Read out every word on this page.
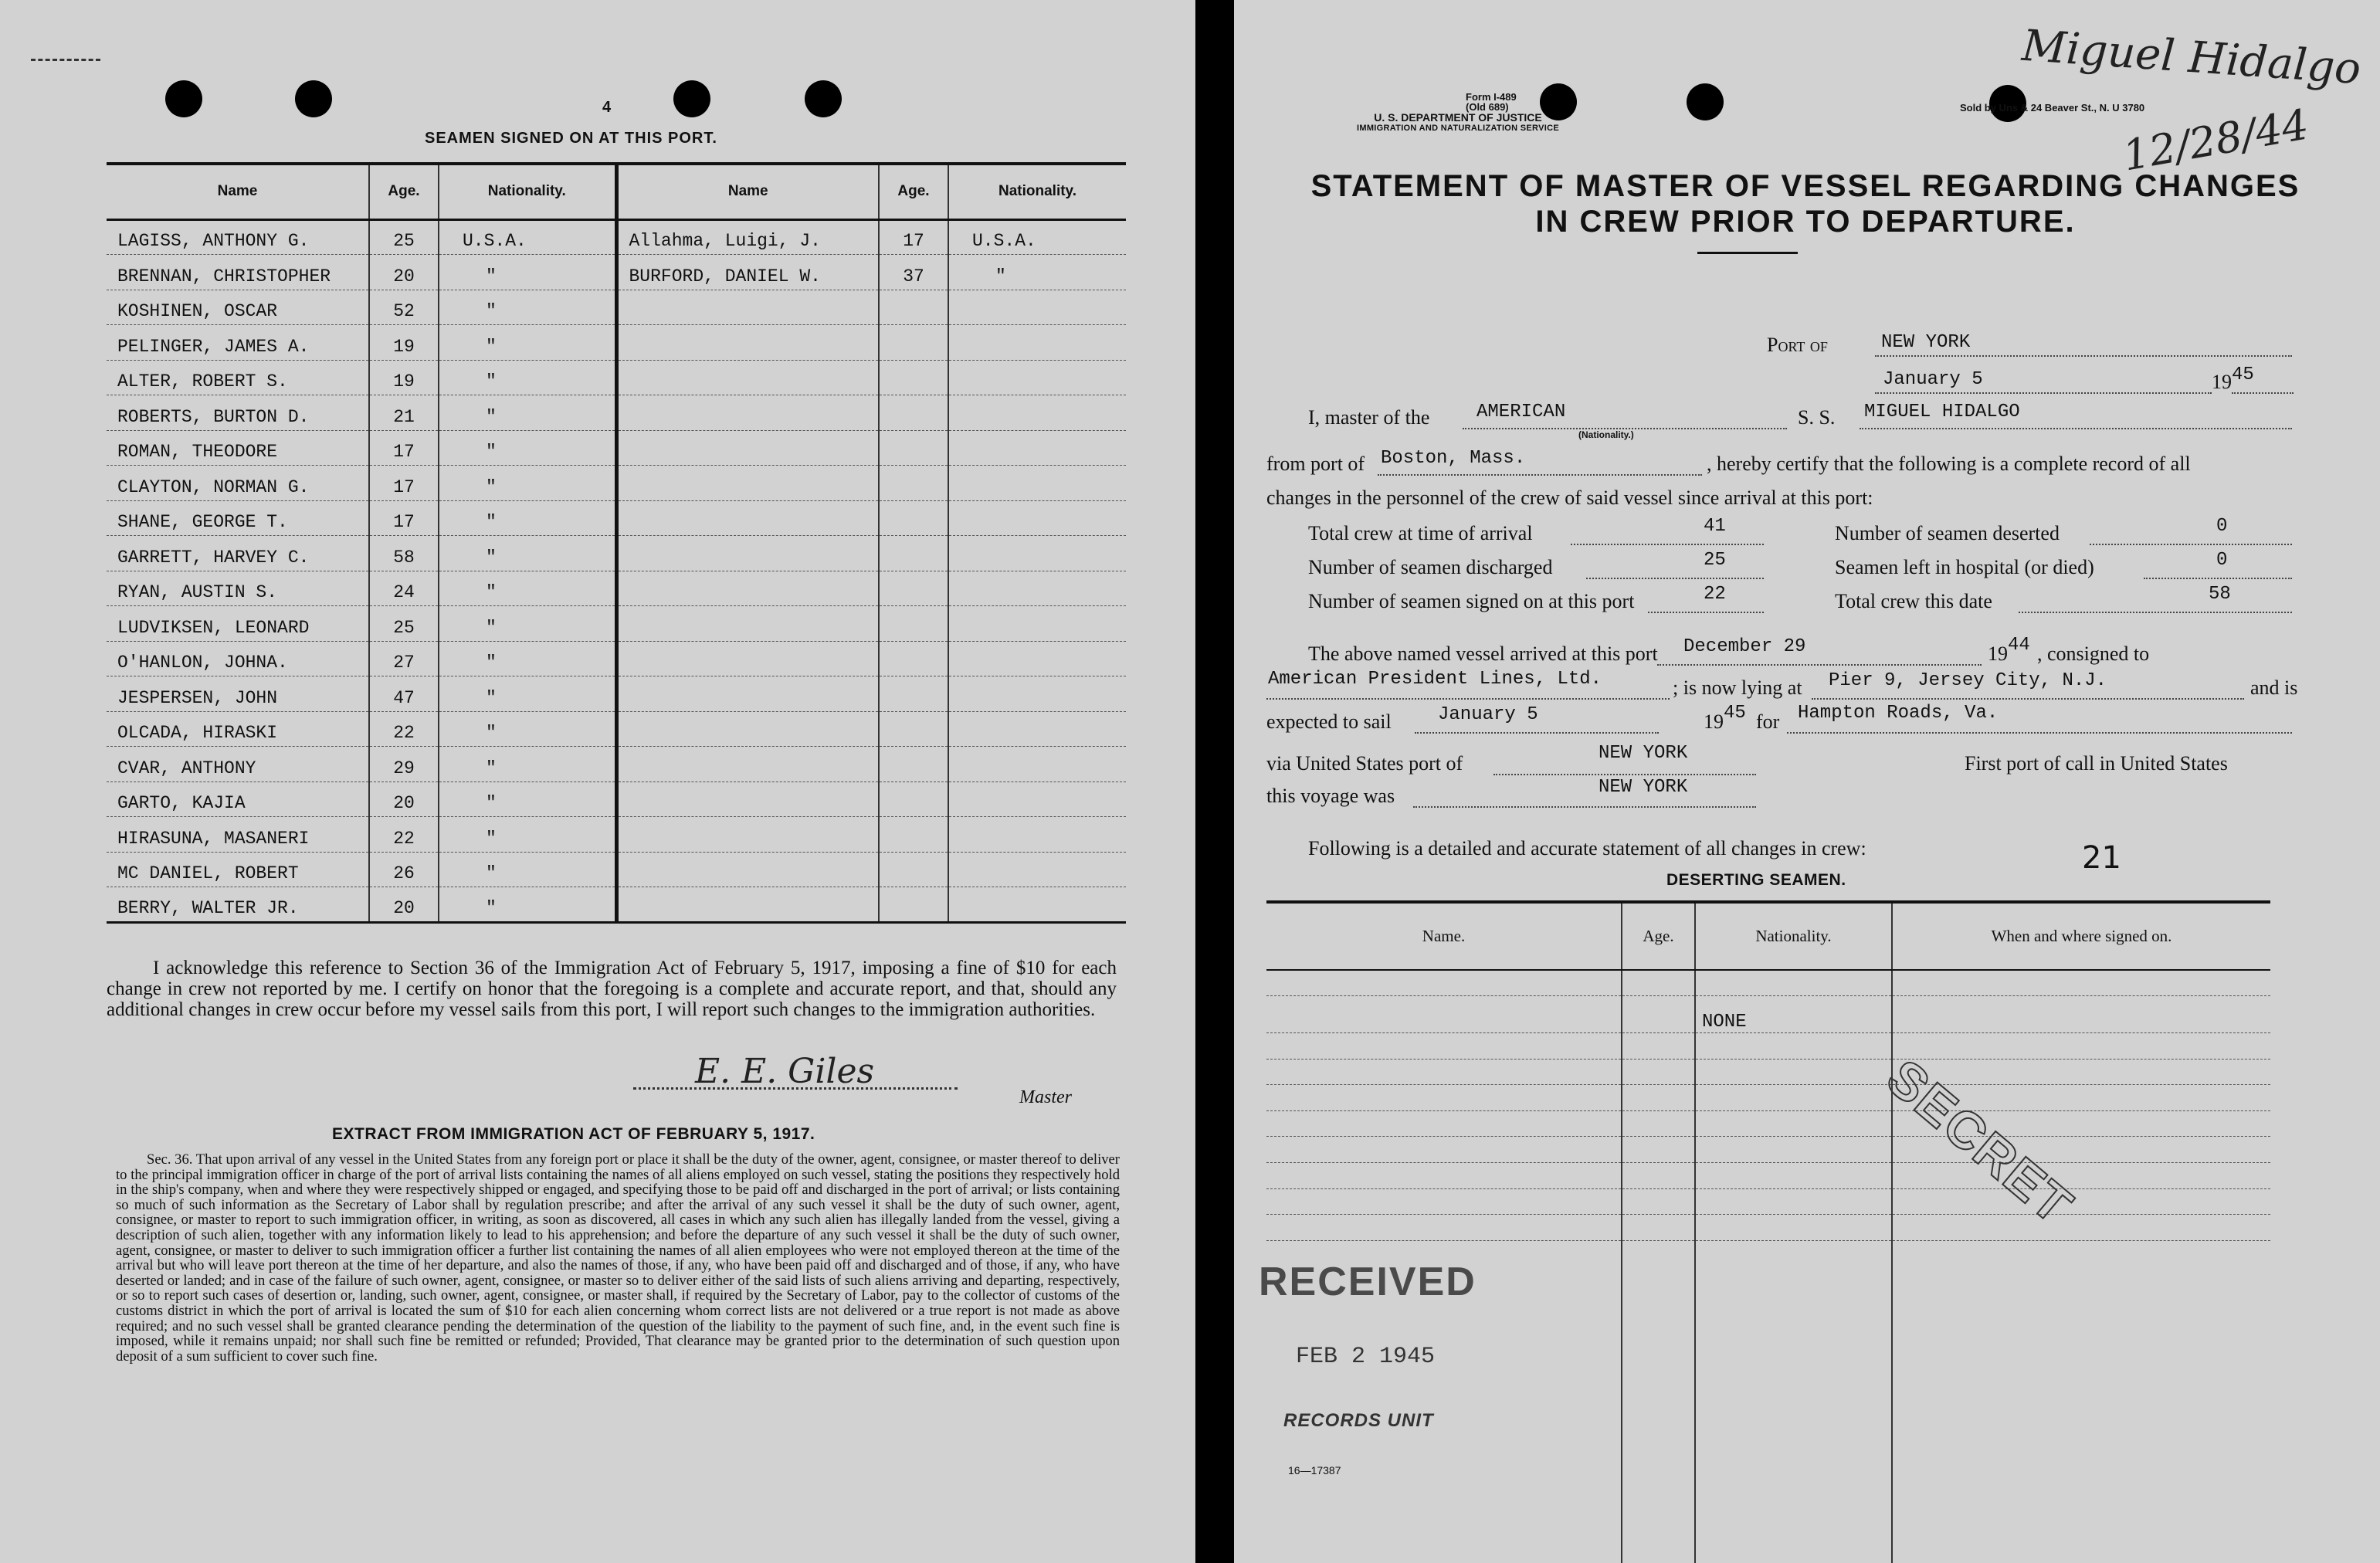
4
SEAMEN SIGNED ON AT THIS PORT.
Name	Age.	Nationality.	Name	Age.	Nationality.
LAGISS, ANTHONY G.	25	U.S.A.	Allahma, Luigi, J.	17	U.S.A.
BRENNAN, CHRISTOPHER	20	"	BURFORD, DANIEL W.	37	"
KOSHINEN, OSCAR	52	"			
PELINGER, JAMES A.	19	"			
ALTER, ROBERT S.	19	"			
ROBERTS, BURTON D.	21	"			
ROMAN, THEODORE	17	"			
CLAYTON, NORMAN G.	17	"			
SHANE, GEORGE T.	17	"			
GARRETT, HARVEY C.	58	"			
RYAN, AUSTIN S.	24	"			
LUDVIKSEN, LEONARD	25	"			
O'HANLON, JOHNA.	27	"			
JESPERSEN, JOHN	47	"			
OLCADA, HIRASKI	22	"			
CVAR, ANTHONY	29	"			
GARTO, KAJIA	20	"			
HIRASUNA, MASANERI	22	"			
MC DANIEL, ROBERT	26	"			
BERRY, WALTER JR.	20	"			
I acknowledge this reference to Section 36 of the Immigration Act of February 5, 1917, imposing a fine of $10 for each change in crew not reported by me. I certify on honor that the foregoing is a complete and accurate report, and that, should any additional changes in crew occur before my vessel sails from this port, I will report such changes to the immigration authorities.
E. E. Giles
Master
EXTRACT FROM IMMIGRATION ACT OF FEBRUARY 5, 1917.
Sec. 36. That upon arrival of any vessel in the United States from any foreign port or place it shall be the duty of the owner, agent, consignee, or master thereof to deliver to the principal immigration officer in charge of the port of arrival lists containing the names of all aliens employed on such vessel, stating the positions they respectively hold in the ship's company, when and where they were respectively shipped or engaged, and specifying those to be paid off and discharged in the port of arrival; or lists containing so much of such information as the Secretary of Labor shall by regulation prescribe; and after the arrival of any such vessel it shall be the duty of such owner, agent, consignee, or master to report to such immigration officer, in writing, as soon as discovered, all cases in which any such alien has illegally landed from the vessel, giving a description of such alien, together with any information likely to lead to his apprehension; and before the departure of any such vessel it shall be the duty of such owner, agent, consignee, or master to deliver to such immigration officer a further list containing the names of all alien employees who were not employed thereon at the time of the arrival but who will leave port thereon at the time of her departure, and also the names of those, if any, who have been paid off and discharged and of those, if any, who have deserted or landed; and in case of the failure of such owner, agent, consignee, or master so to deliver either of the said lists of such aliens arriving and departing, respectively, or so to report such cases of desertion or, landing, such owner, agent, consignee, or master shall, if required by the Secretary of Labor, pay to the collector of customs of the customs district in which the port of arrival is located the sum of $10 for each alien concerning whom correct lists are not delivered or a true report is not made as above required; and no such vessel shall be granted clearance pending the determination of the question of the liability to the payment of such fine, and, in the event such fine is imposed, while it remains unpaid; nor shall such fine be remitted or refunded; Provided, That clearance may be granted prior to the determination of such question upon deposit of a sum sufficient to cover such fine.
Form I-489
(Old 689)
U. S. DEPARTMENT OF JUSTICE
IMMIGRATION AND NATURALIZATION SERVICE
Sold by Uns & 24 Beaver St., N. U 3780
Miguel Hidalgo
12/28/44
STATEMENT OF MASTER OF VESSEL REGARDING CHANGES
IN CREW PRIOR TO DEPARTURE.
Port of	NEW YORK
January 5	19 45
I, master of the	AMERICAN
(Nationality.)
S. S. MIGUEL HIDALGO
from port of Boston, Mass.	, hereby certify that the following is a complete record of all
changes in the personnel of the crew of said vessel since arrival at this port:
Total crew at time of arrival	41	Number of seamen deserted	0
Number of seamen discharged	25	Seamen left in hospital (or died)	0
Number of seamen signed on at this port	22	Total crew this date	58
The above named vessel arrived at this port December 29	19 44 , consigned to
American President Lines, Ltd.	; is now lying at Pier 9, Jersey City, N.J.	and is
expected to sail	January 5	19 45 for Hampton Roads, Va.
via United States port of	NEW YORK	First port of call in United States
this voyage was	NEW YORK
Following is a detailed and accurate statement of all changes in crew:	21
DESERTING SEAMEN.
Name.	Age.	Nationality.	When and where signed on.

		NONE	

SECRET
RECEIVED
FEB 2 1945
RECORDS UNIT
16—17387
